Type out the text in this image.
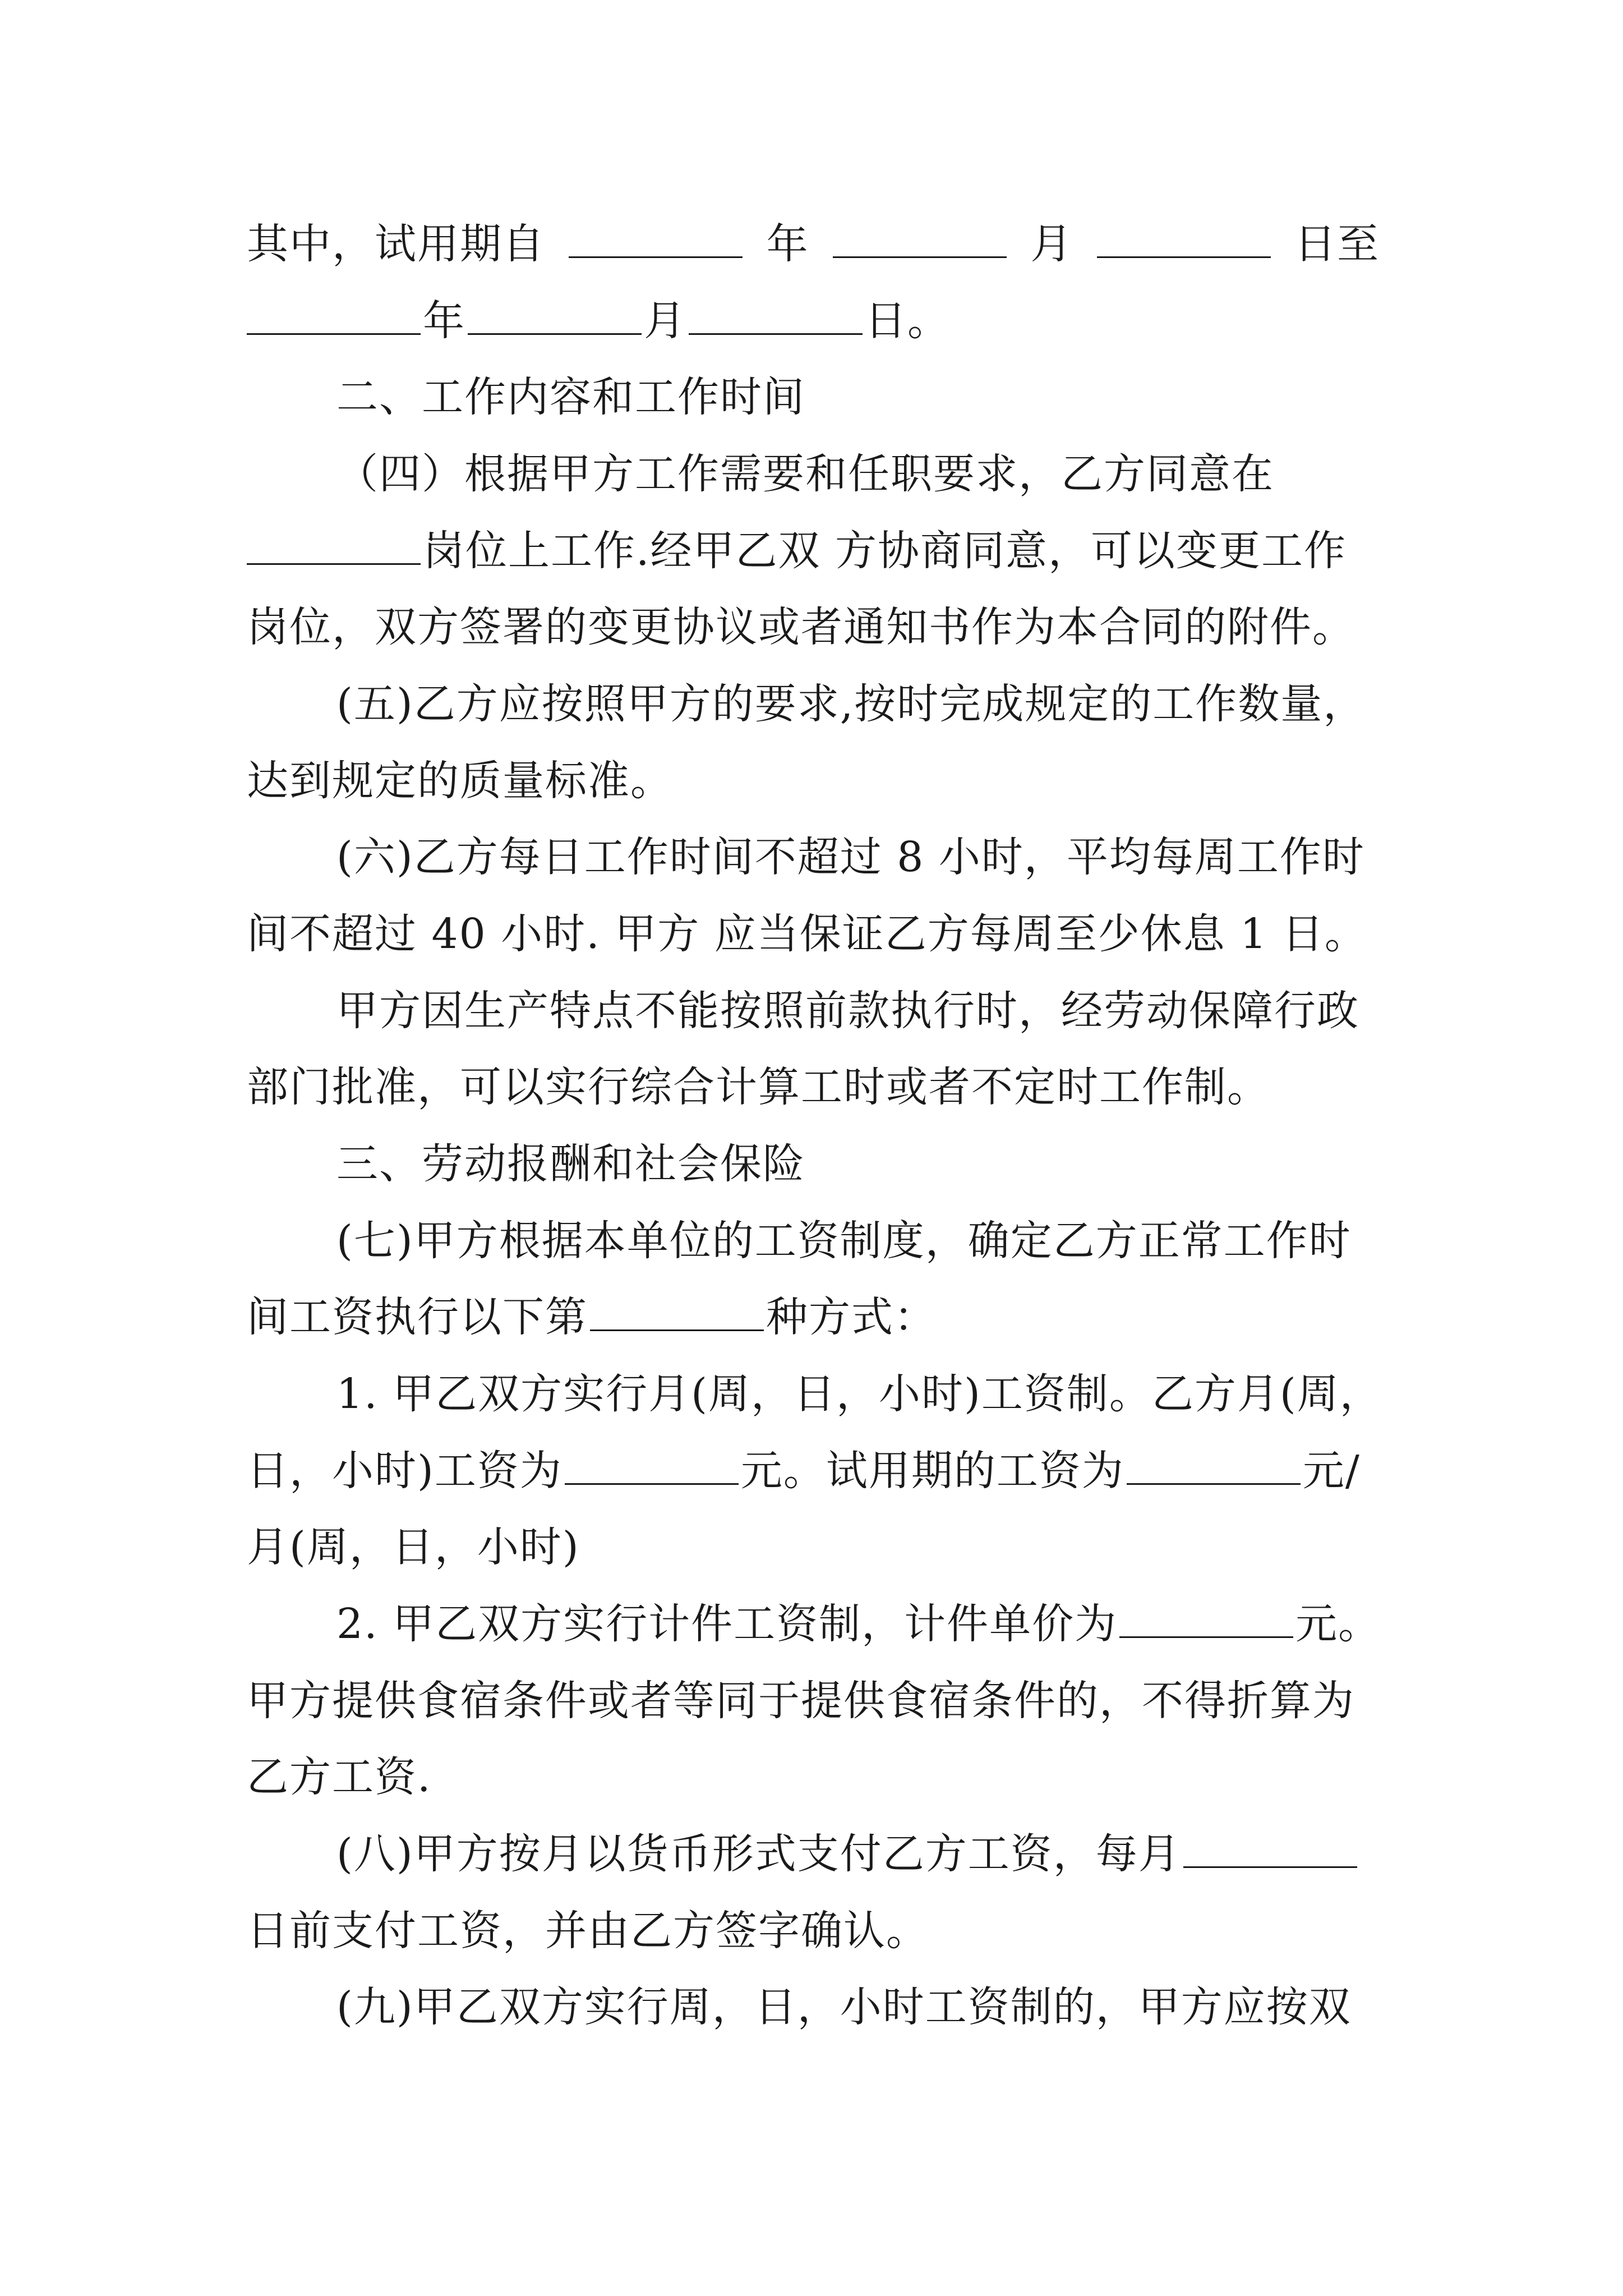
其中，试用期自	年	月	日至
年	月	日。
二、工作内容和工作时间
（四）根据甲方工作需要和任职要求，乙方同意在
岗位上工作.经甲乙双 方协商同意，可以变更工作
岗位，双方签署的变更协议或者通知书作为本合同的附件。
(五)乙方应按照甲方的要求,按时完成规定的工作数量，
达到规定的质量标准。
(六)乙方每日工作时间不超过 8 小时，平均每周工作时
间不超过 40 小时. 甲方 应当保证乙方每周至少休息 1 日。
甲方因生产特点不能按照前款执行时，经劳动保障行政
部门批准，可以实行综合计算工时或者不定时工作制。
三、劳动报酬和社会保险
(七)甲方根据本单位的工资制度，确定乙方正常工作时
间工资执行以下第	种方式：
1. 甲乙双方实行月(周，日，小时)工资制。乙方月(周，
日，小时)工资为	元。试用期的工资为	元/
月(周，日，小时)
2. 甲乙双方实行计件工资制，计件单价为	元。
甲方提供食宿条件或者等同于提供食宿条件的，不得折算为
乙方工资.
(八)甲方按月以货币形式支付乙方工资，每月
日前支付工资，并由乙方签字确认。
(九)甲乙双方实行周，日，小时工资制的，甲方应按双
